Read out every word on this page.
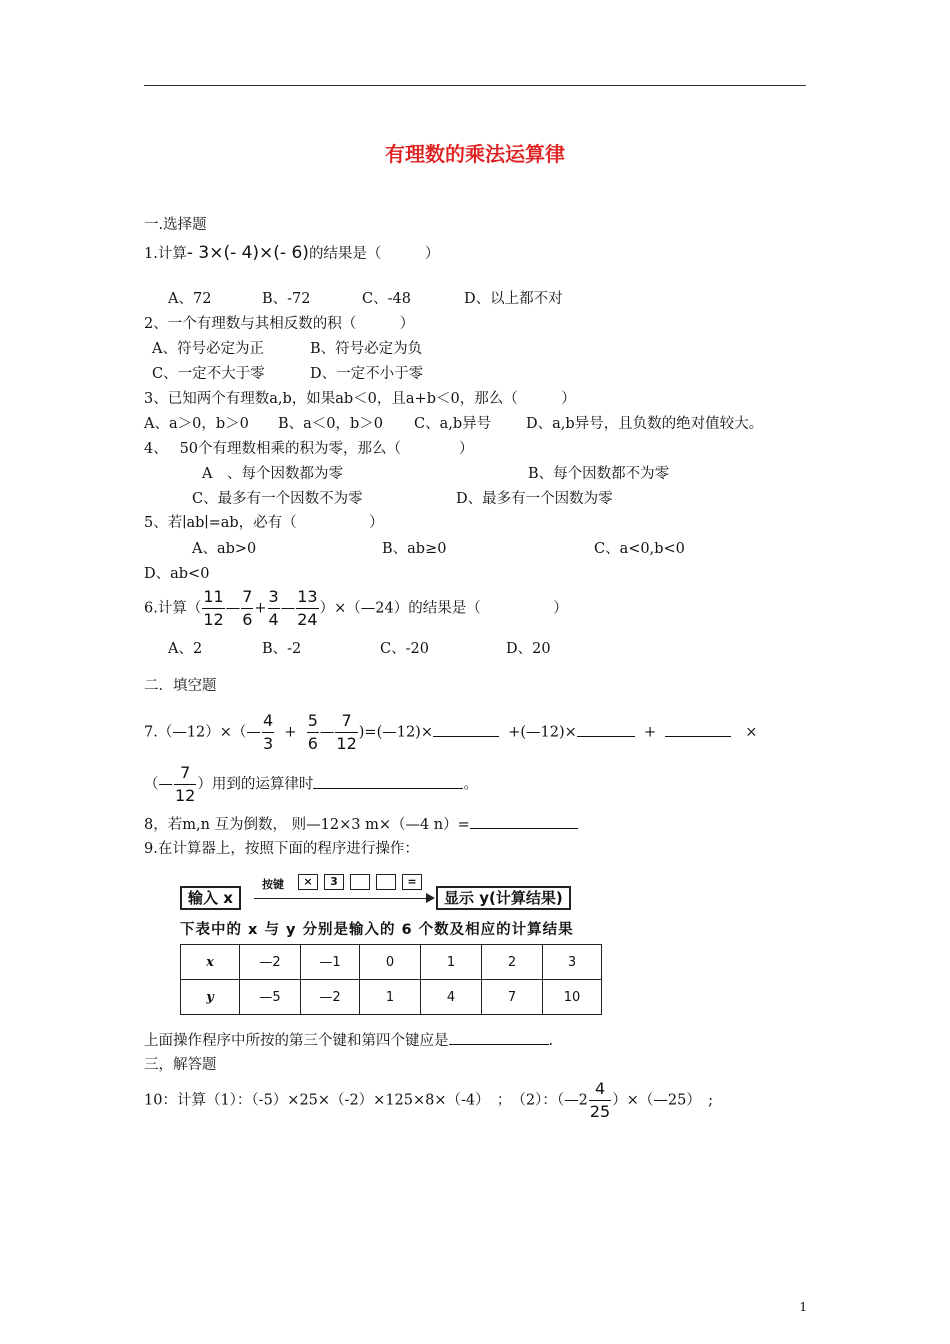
有理数的乘法运算律
一.选择题
1.计算- 3×(- 4)×(- 6)的结果是（　　　）
A、72	B、-72	C、-48	D、以上都不对
2、一个有理数与其相反数的积（　　　）
A、符号必定为正	B、符号必定为负
C、一定不大于零	D、一定不小于零
3、已知两个有理数a,b，如果ab＜0，且a+b＜0，那么（　　　）
A、a＞0，b＞0 B、a＜0，b＞0 C、a,b异号 D、a,b异号，且负数的绝对值较大。
4、　 50个有理数相乘的积为零，那么（　　　　）
A　、每个因数都为零	B、每个因数都不为零
C、最多有一个因数不为零	D、最多有一个因数为零
5、若∣ab∣=ab，必有（　　　　　）
A、ab>0	B、ab≥0	C、a<0,b<0
D、ab<0
6.计算（ $\frac{11}{12}$ — $\frac{7}{6} + \frac{3}{4}$ — $\frac{13}{24}$ ）×（—24）的结果是（　　　　　）
A、2	B、-2	C、-20	D、20
二．填空题
7.（—12）×（— $\frac{4}{3} + \frac{5}{6}$ — $\frac{7}{12}$ )=(—12)×	+(—12)×	+	×
（— $\frac{7}{12}$ ）用到的运算律时	。
8，若m,n 互为倒数， 则—12×3 m×（—4 n）=
9.在计算器上，按照下面的程序进行操作：
输入 x
按键	×	3	=
显示 y(计算结果)
下表中的 x 与 y 分别是输入的 6 个数及相应的计算结果
x	—2	—1	0	1	2	3
y	—5	—2	1	4	7	10
上面操作程序中所按的第三个键和第四个键应是	.
三，解答题
10：计算（1）：（-5）×25×（-2）×125×8×（-4）　；　（2）：（—2 $\frac{4}{25}$ ）×（—25）　;
1
